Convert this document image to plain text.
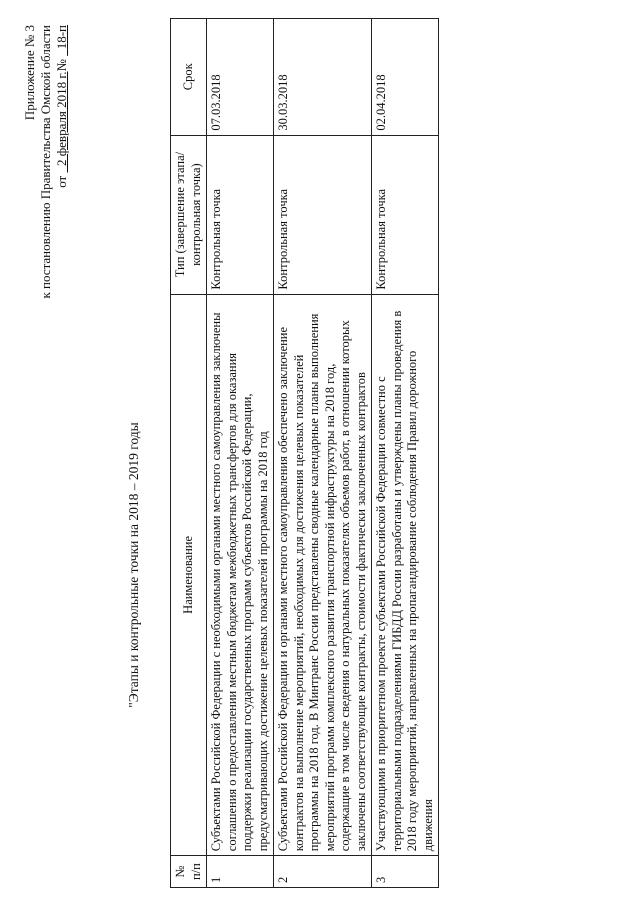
Приложение № 3 к постановлению Правительства Омской области от   2 февраля 2018 г.№   18-п
"Этапы и контрольные точки на 2018 – 2019 годы
№ п/п	Наименование	Тип (завершение этапа/контрольная точка)	Срок
1	Субъектами Российской Федерации с необходимыми органами местного самоуправления заключены соглашения о предоставлении местным бюджетам межбюджетных трансфертов для оказания поддержки реализации государственных программ субъектов Российской Федерации, предусматривающих достижение целевых показателей программы на 2018 год	Контрольная точка	07.03.2018
2	Субъектами Российской Федерации и органами местного самоуправления обеспечено заключение контрактов на выполнение мероприятий, необходимых для достижения целевых показателей программы на 2018 год. В Минтранс России представлены сводные календарные планы выполнения мероприятий программ комплексного развития транспортной инфраструктуры на 2018 год, содержащие в том числе сведения о натуральных показателях объемов работ, в отношении которых заключены соответствующие контракты, стоимости фактически заключенных контрактов	Контрольная точка	30.03.2018
3	Участвующими в приоритетном проекте субъектами Российской Федерации совместно с территориальными подразделениями ГИБДД России разработаны и утверждены планы проведения в 2018 году мероприятий, направленных на пропагандирование соблюдения Правил дорожного движения	Контрольная точка	02.04.2018
